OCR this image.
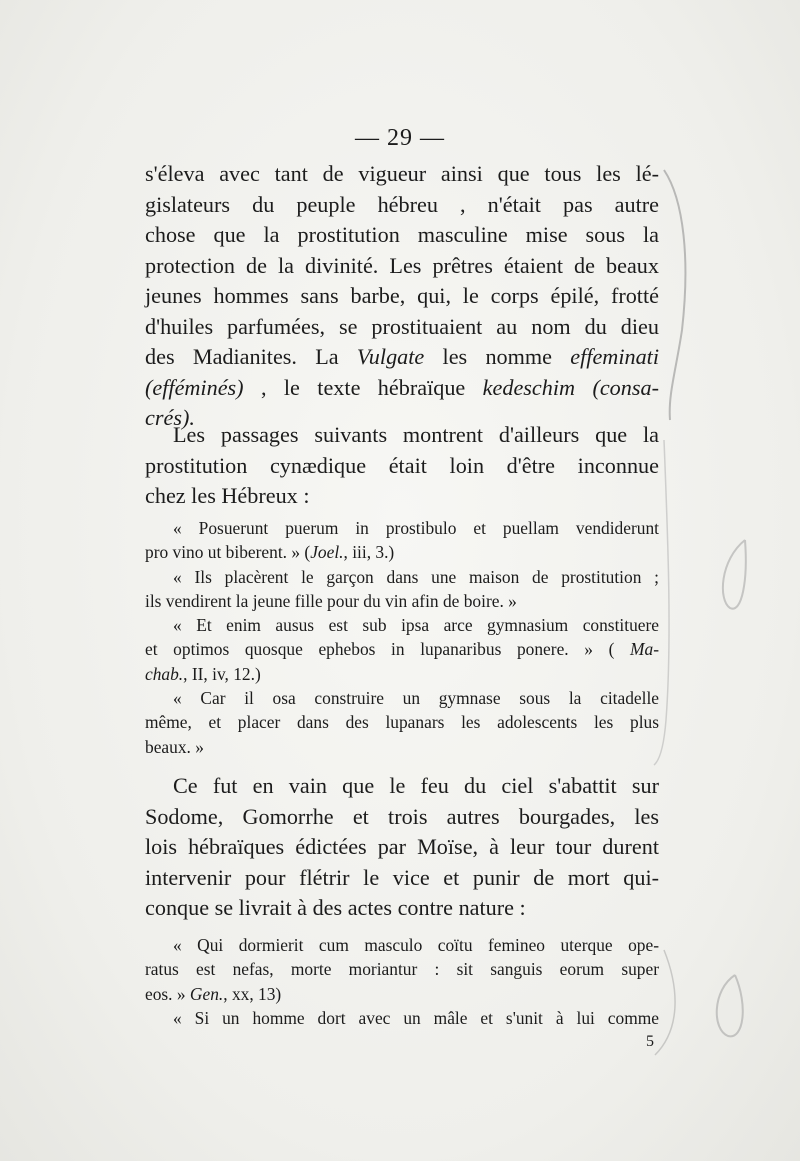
— 29 —
s'éleva avec tant de vigueur ainsi que tous les lé-
gislateurs du peuple hébreu , n'était pas autre
chose que la prostitution masculine mise sous la
protection de la divinité. Les prêtres étaient de beaux
jeunes hommes sans barbe, qui, le corps épilé, frotté
d'huiles parfumées, se prostituaient au nom du dieu
des Madianites. La Vulgate les nomme effeminati
(efféminés) , le texte hébraïque kedeschim (consa-
crés).
Les passages suivants montrent d'ailleurs que la
prostitution cynædique était loin d'être inconnue
chez les Hébreux :
« Posuerunt puerum in prostibulo et puellam vendiderunt
pro vino ut biberent. » (Joel., iii, 3.)
« Ils placèrent le garçon dans une maison de prostitution ;
ils vendirent la jeune fille pour du vin afin de boire. »
« Et enim ausus est sub ipsa arce gymnasium constituere
et optimos quosque ephebos in lupanaribus ponere. » ( Ma-
chab., II, iv, 12.)
« Car il osa construire un gymnase sous la citadelle
même, et placer dans des lupanars les adolescents les plus
beaux. »
Ce fut en vain que le feu du ciel s'abattit sur
Sodome, Gomorrhe et trois autres bourgades, les
lois hébraïques édictées par Moïse, à leur tour durent
intervenir pour flétrir le vice et punir de mort qui-
conque se livrait à des actes contre nature :
« Qui dormierit cum masculo coïtu femineo uterque ope-
ratus est nefas, morte moriantur : sit sanguis eorum super
eos. » Gen., xx, 13)
« Si un homme dort avec un mâle et s'unit à lui comme
5
